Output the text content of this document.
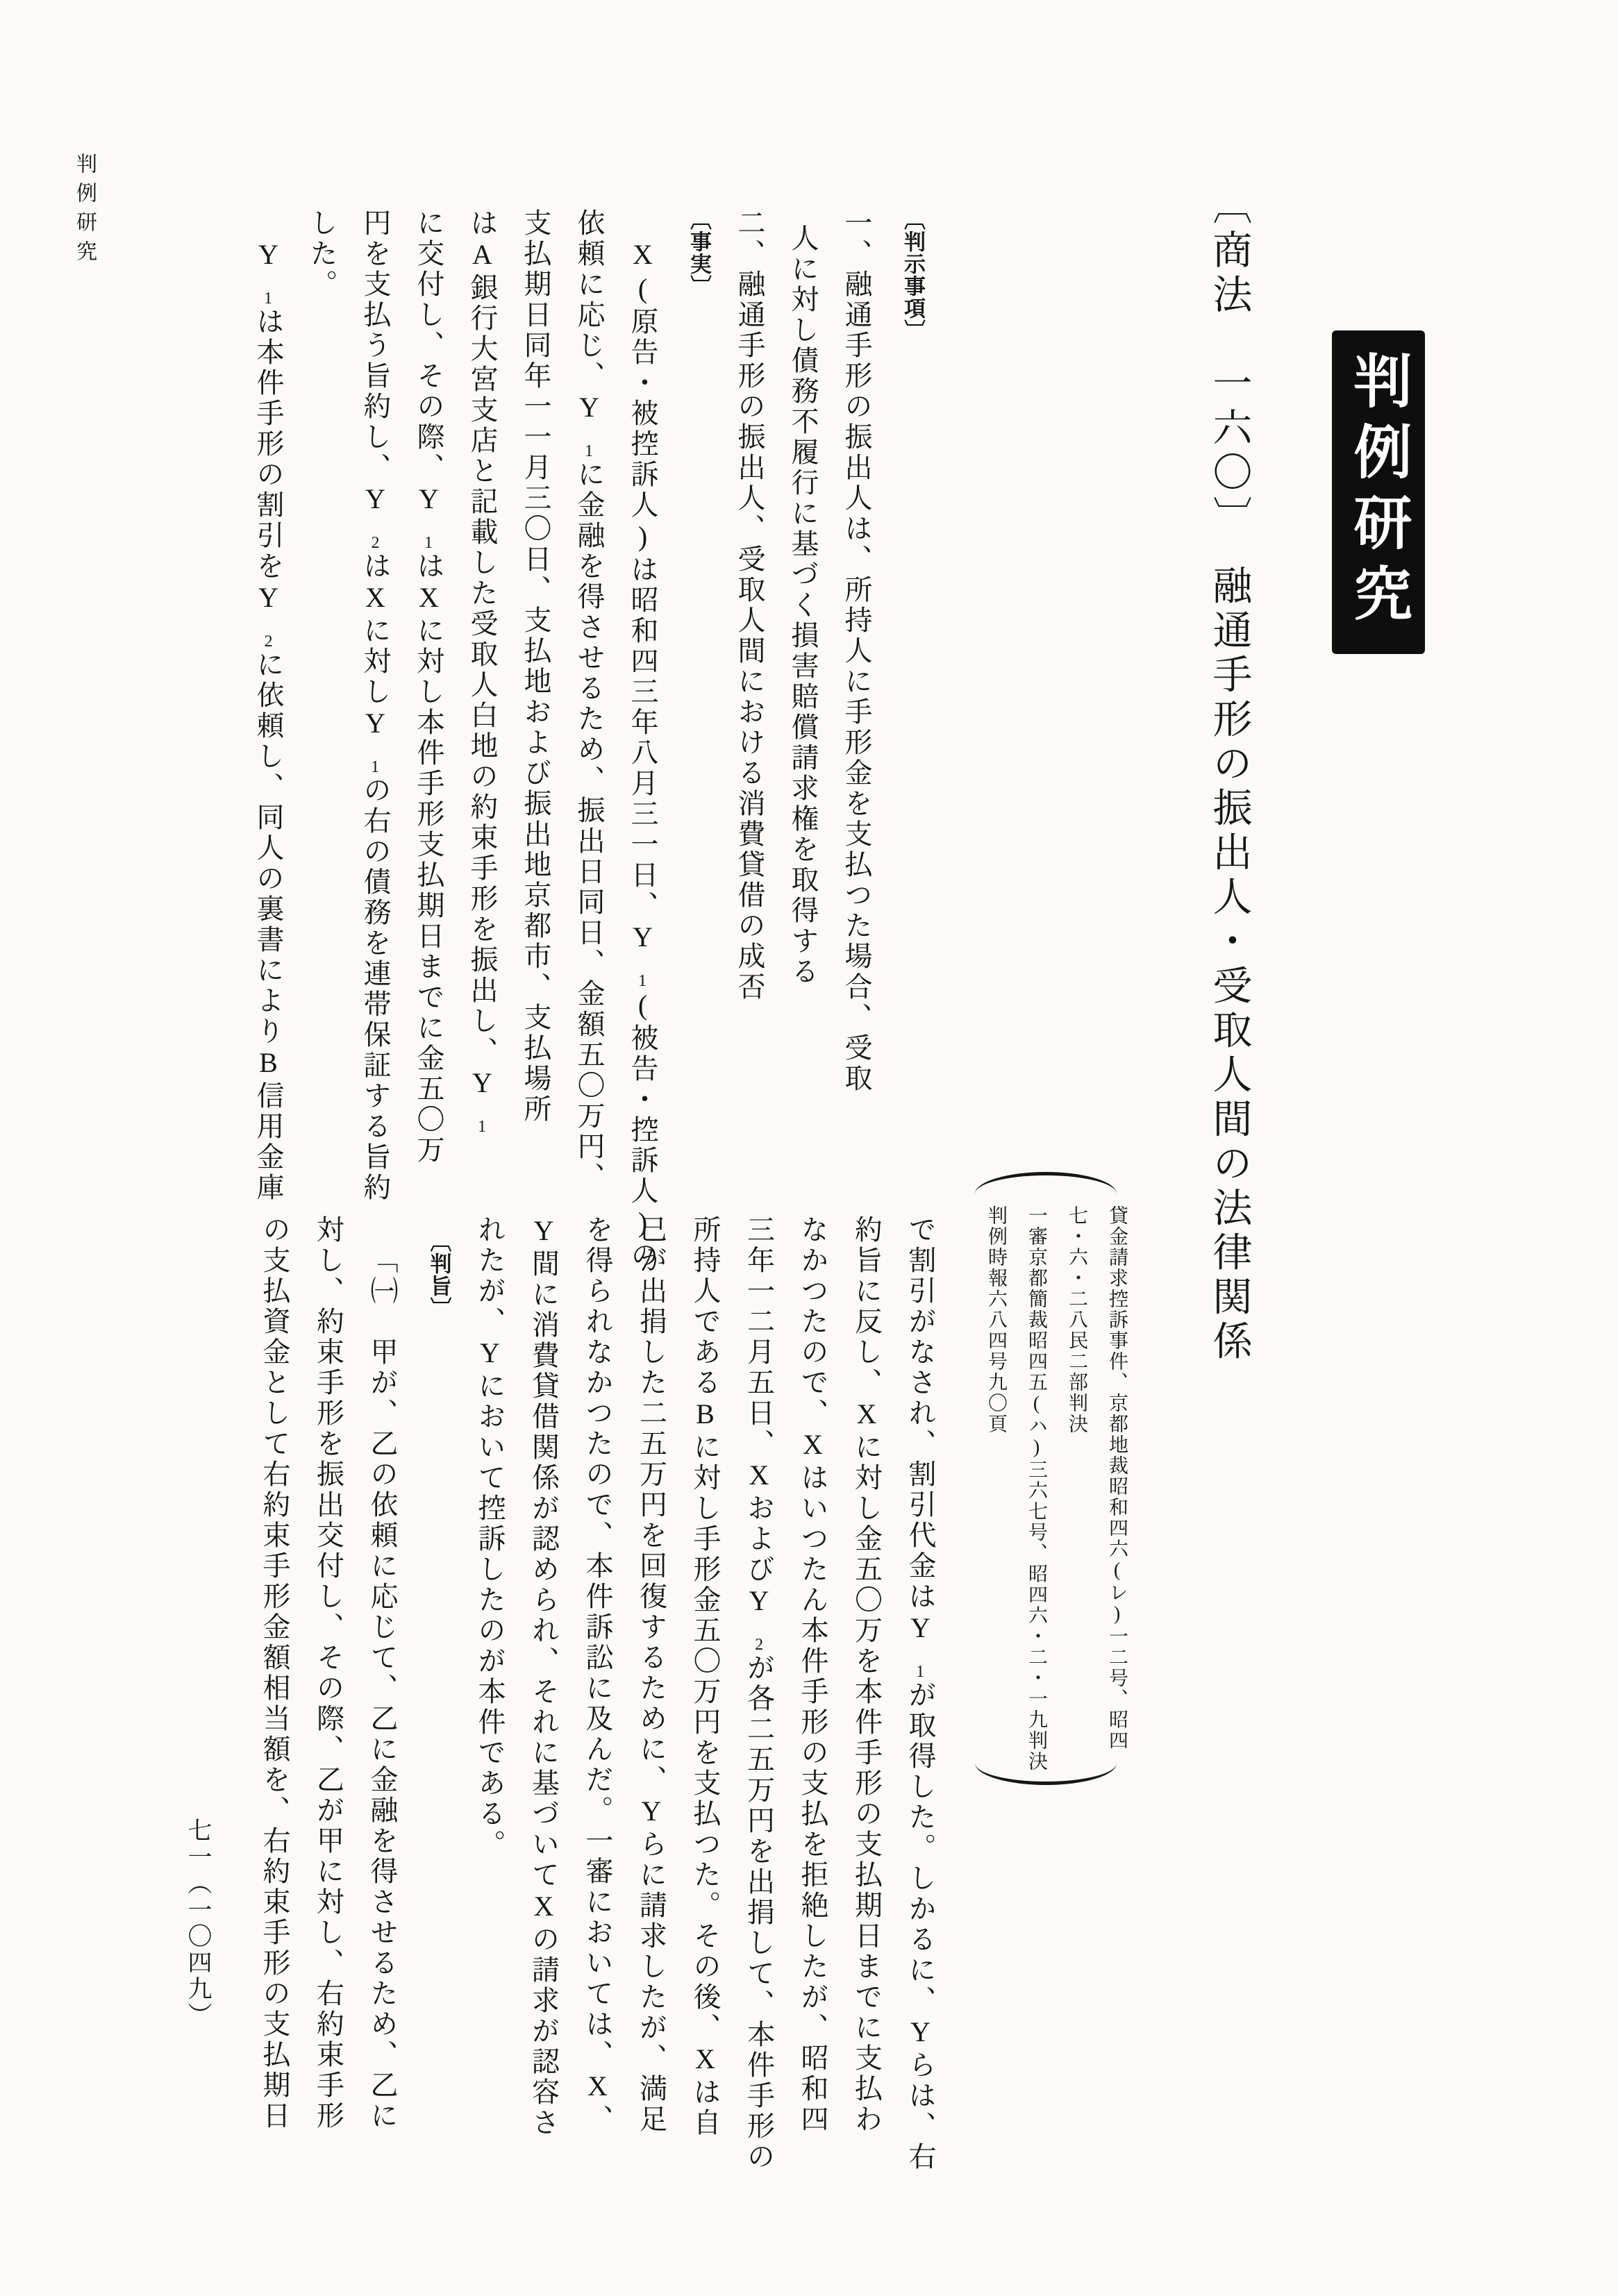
判例研究
〔商法　一六〇〕　融通手形の振出人・受取人間の法律関係
貸金請求控訴事件、京都地裁昭和四六(レ)一二号、昭四
七・六・二八民二部判決
一審京都簡裁昭四五(ハ)三六七号、昭四六・二・一九判決
判例時報六八四号九〇頁
〔判示事項〕
一、融通手形の振出人は、所持人に手形金を支払つた場合、受取
人に対し債務不履行に基づく損害賠償請求権を取得する
二、融通手形の振出人、受取人間における消費貸借の成否
〔事実〕
X(原告・被控訴人)は昭和四三年八月三一日、Y₁(被告・控訴人)の
依頼に応じ、Y₁に金融を得させるため、振出日同日、金額五〇万円、
支払期日同年一一月三〇日、支払地および振出地京都市、支払場所
はA銀行大宮支店と記載した受取人白地の約束手形を振出し、Y₁
に交付し、その際、Y₁はXに対し本件手形支払期日までに金五〇万
円を支払う旨約し、Y₂はXに対しY₁の右の債務を連帯保証する旨約
した。
Y₁は本件手形の割引をY₂に依頼し、同人の裏書によりB信用金庫
で割引がなされ、割引代金はY₁が取得した。しかるに、Yらは、右
約旨に反し、Xに対し金五〇万を本件手形の支払期日までに支払わ
なかつたので、Xはいつたん本件手形の支払を拒絶したが、昭和四
三年一二月五日、XおよびY₂が各二五万円を出捐して、本件手形の
所持人であるBに対し手形金五〇万円を支払つた。その後、Xは自
己が出捐した二五万円を回復するために、Yらに請求したが、満足
を得られなかつたので、本件訴訟に及んだ。一審においては、X、
Y間に消費貸借関係が認められ、それに基づいてXの請求が認容さ
れたが、Yにおいて控訴したのが本件である。
〔判旨〕
「㈠　甲が、乙の依頼に応じて、乙に金融を得させるため、乙に
対し、約束手形を振出交付し、その際、乙が甲に対し、右約束手形
の支払資金として右約束手形金額相当額を、右約束手形の支払期日
判例研究
七一（一〇四九）
